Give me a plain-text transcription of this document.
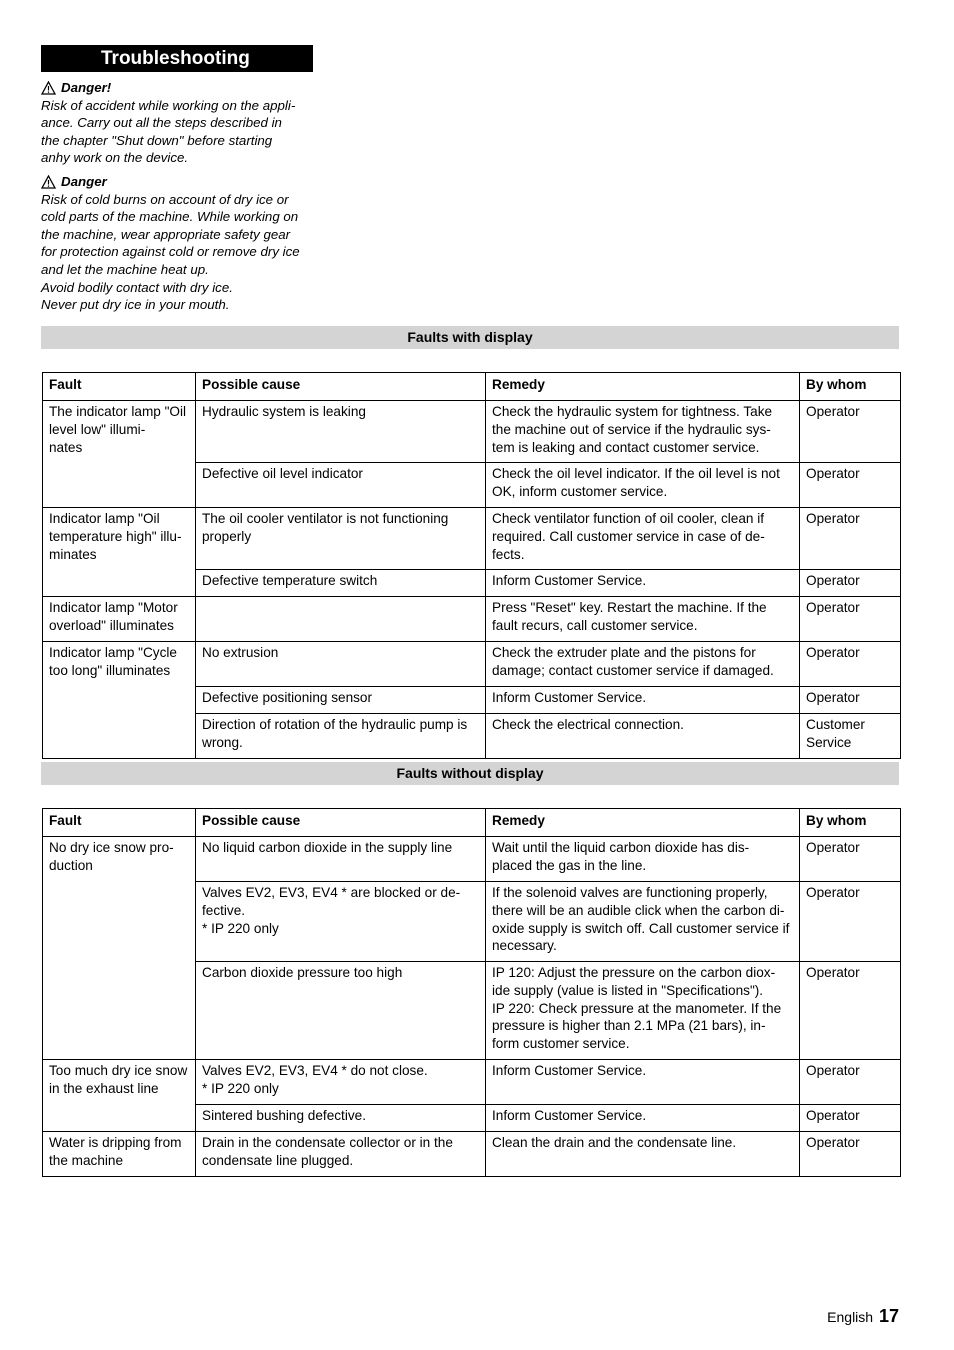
Troubleshooting
Danger!

Risk of accident while working on the appli-

ance. Carry out all the steps described in

the chapter "Shut down" before starting

anhy work on the device.

Danger

Risk of cold burns on account of dry ice or

cold parts of the machine. While working on

the machine, wear appropriate safety gear

for protection against cold or remove dry ice

and let the machine heat up.

Avoid bodily contact with dry ice.

Never put dry ice in your mouth.

Faults with display
Fault	Possible cause	Remedy	By whom
The indicator lamp "Oil level low" illumi-
nates	Hydraulic system is leaking	Check the hydraulic system for tightness. Take the machine out of service if the hydraulic sys-
tem is leaking and contact customer service.	Operator
	Defective oil level indicator	Check the oil level indicator. If the oil level is not OK, inform customer service.	Operator
Indicator lamp "Oil temperature high" illu-
minates	The oil cooler ventilator is not functioning properly	Check ventilator function of oil cooler, clean if required. Call customer service in case of de-
fects.	Operator
	Defective temperature switch	Inform Customer Service.	Operator
Indicator lamp "Motor overload" illuminates		Press "Reset" key. Restart the machine. If the fault recurs, call customer service.	Operator
Indicator lamp "Cycle too long" illuminates	No extrusion	Check the extruder plate and the pistons for damage; contact customer service if damaged.	Operator
	Defective positioning sensor	Inform Customer Service.	Operator
	Direction of rotation of the hydraulic pump is wrong.	Check the electrical connection.	Customer Service
Faults without display
Fault	Possible cause	Remedy	By whom
No dry ice snow pro-
duction	No liquid carbon dioxide in the supply line	Wait until the liquid carbon dioxide has dis-
placed the gas in the line.	Operator
	Valves EV2, EV3, EV4 * are blocked or de-
fective.
* IP 220 only	If the solenoid valves are functioning properly, there will be an audible click when the carbon di-
oxide supply is switch off. Call customer service if necessary.	Operator
	Carbon dioxide pressure too high	IP 120: Adjust the pressure on the carbon diox-
ide supply (value is listed in "Specifications").
IP 220: Check pressure at the manometer. If the pressure is higher than 2.1 MPa (21 bars), in-
form customer service.	Operator
Too much dry ice snow in the exhaust line	Valves EV2, EV3, EV4 * do not close.
* IP 220 only	Inform Customer Service.	Operator
	Sintered bushing defective.	Inform Customer Service.	Operator
Water is dripping from the machine	Drain in the condensate collector or in the condensate line plugged.	Clean the drain and the condensate line.	Operator
English 17
